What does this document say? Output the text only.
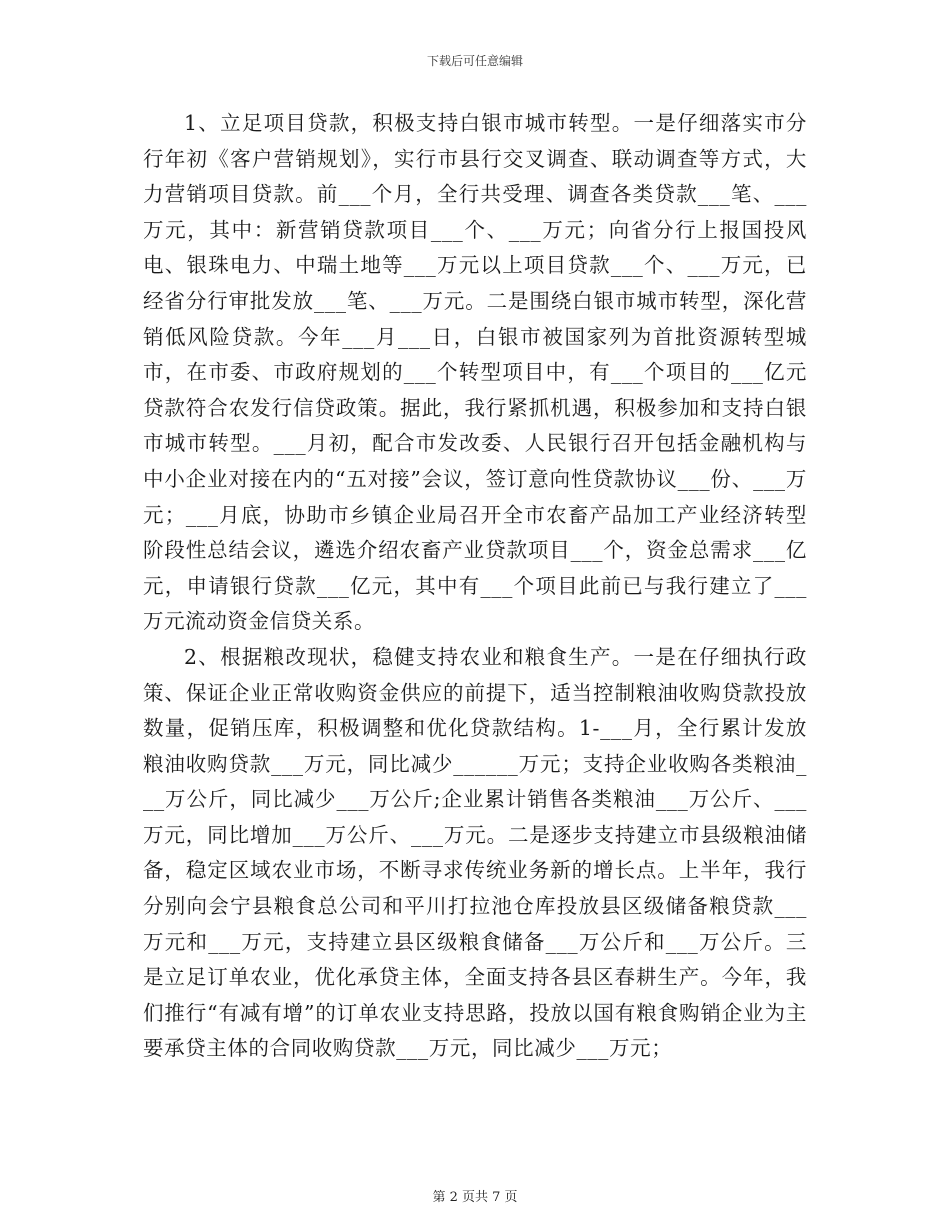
下载后可任意编辑

1、立足项目贷款，积极支持白银市城市转型。一是仔细落实市分行年初《客户营销规划》，实行市县行交叉调查、联动调查等方式，大力营销项目贷款。前___个月，全行共受理、调查各类贷款___笔、___万元，其中：新营销贷款项目___个、___万元；向省分行上报国投风电、银珠电力、中瑞土地等___万元以上项目贷款___个、___万元，已经省分行审批发放___笔、___万元。二是围绕白银市城市转型，深化营销低风险贷款。今年___月___日，白银市被国家列为首批资源转型城市，在市委、市政府规划的___个转型项目中，有___个项目的___亿元贷款符合农发行信贷政策。据此，我行紧抓机遇，积极参加和支持白银市城市转型。___月初，配合市发改委、人民银行召开包括金融机构与中小企业对接在内的“五对接”会议，签订意向性贷款协议___份、___万元；___月底，协助市乡镇企业局召开全市农畜产品加工产业经济转型阶段性总结会议，遴选介绍农畜产业贷款项目___个，资金总需求___亿元，申请银行贷款___亿元，其中有___个项目此前已与我行建立了___万元流动资金信贷关系。

2、根据粮改现状，稳健支持农业和粮食生产。一是在仔细执行政策、保证企业正常收购资金供应的前提下，适当控制粮油收购贷款投放数量，促销压库，积极调整和优化贷款结构。1-___月，全行累计发放粮油收购贷款___万元，同比减少______万元；支持企业收购各类粮油___万公斤，同比减少___万公斤;企业累计销售各类粮油___万公斤、___万元，同比增加___万公斤、___万元。二是逐步支持建立市县级粮油储备，稳定区域农业市场，不断寻求传统业务新的增长点。上半年，我行分别向会宁县粮食总公司和平川打拉池仓库投放县区级储备粮贷款___万元和___万元，支持建立县区级粮食储备___万公斤和___万公斤。三是立足订单农业，优化承贷主体，全面支持各县区春耕生产。今年，我们推行“有减有增”的订单农业支持思路，投放以国有粮食购销企业为主要承贷主体的合同收购贷款___万元，同比减少___万元；

第 2 页共 7 页
